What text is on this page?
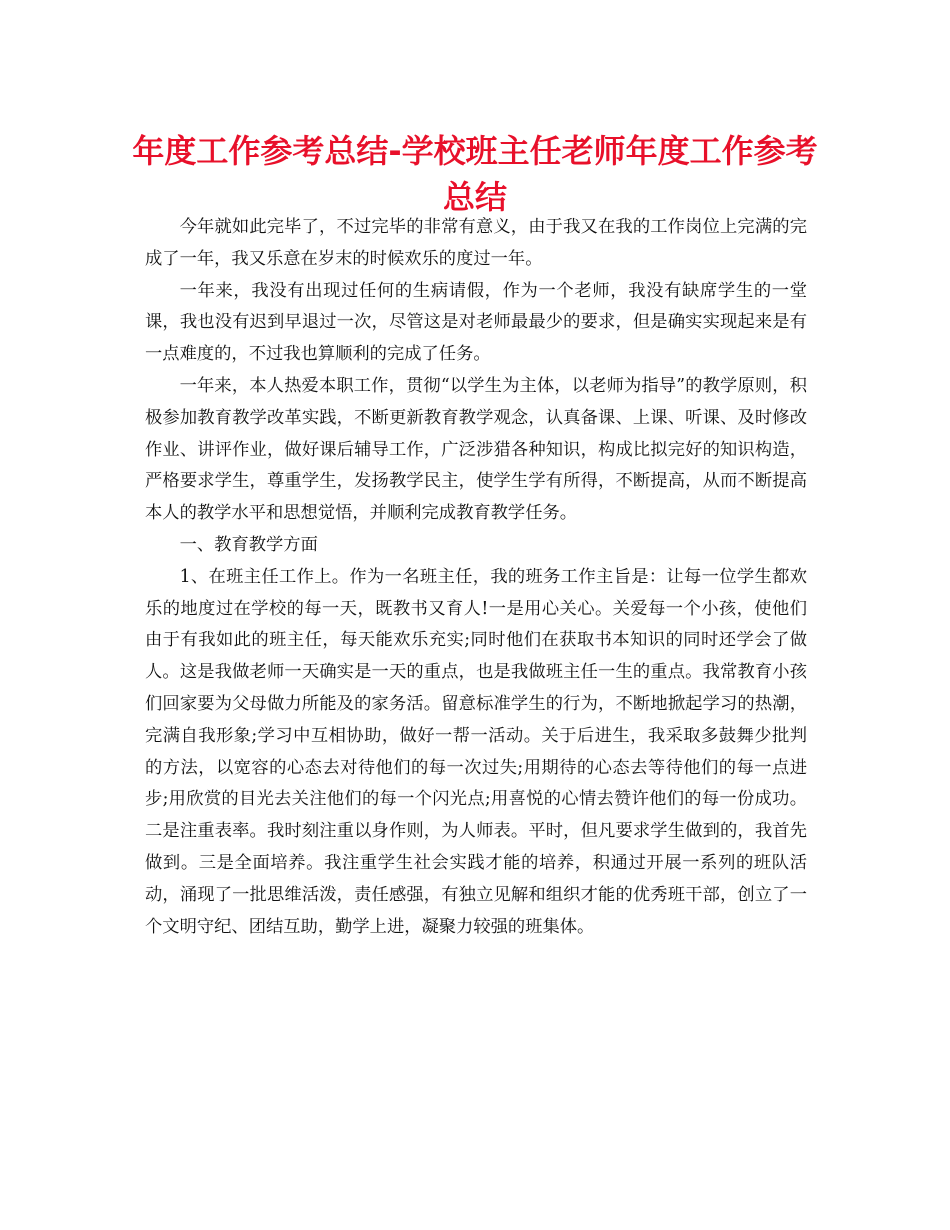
年度工作参考总结-学校班主任老师年度工作参考总结

今年就如此完毕了，不过完毕的非常有意义，由于我又在我的工作岗位上完满的完成了一年，我又乐意在岁末的时候欢乐的度过一年。

一年来，我没有出现过任何的生病请假，作为一个老师，我没有缺席学生的一堂课，我也没有迟到早退过一次，尽管这是对老师最最少的要求，但是确实实现起来是有一点难度的，不过我也算顺利的完成了任务。

一年来，本人热爱本职工作，贯彻“以学生为主体，以老师为指导”的教学原则，积极参加教育教学改革实践，不断更新教育教学观念，认真备课、上课、听课、及时修改作业、讲评作业，做好课后辅导工作，广泛涉猎各种知识，构成比拟完好的知识构造，严格要求学生，尊重学生，发扬教学民主，使学生学有所得，不断提高，从而不断提高本人的教学水平和思想觉悟，并顺利完成教育教学任务。

一、教育教学方面

1、在班主任工作上。作为一名班主任，我的班务工作主旨是：让每一位学生都欢乐的地度过在学校的每一天，既教书又育人!一是用心关心。关爱每一个小孩，使他们由于有我如此的班主任，每天能欢乐充实;同时他们在获取书本知识的同时还学会了做人。这是我做老师一天确实是一天的重点，也是我做班主任一生的重点。我常教育小孩们回家要为父母做力所能及的家务活。留意标准学生的行为，不断地掀起学习的热潮，完满自我形象;学习中互相协助，做好一帮一活动。关于后进生，我采取多鼓舞少批判的方法，以宽容的心态去对待他们的每一次过失;用期待的心态去等待他们的每一点进步;用欣赏的目光去关注他们的每一个闪光点;用喜悦的心情去赞许他们的每一份成功。二是注重表率。我时刻注重以身作则，为人师表。平时，但凡要求学生做到的，我首先做到。三是全面培养。我注重学生社会实践才能的培养，积通过开展一系列的班队活动，涌现了一批思维活泼，责任感强，有独立见解和组织才能的优秀班干部，创立了一个文明守纪、团结互助，勤学上进，凝聚力较强的班集体。
